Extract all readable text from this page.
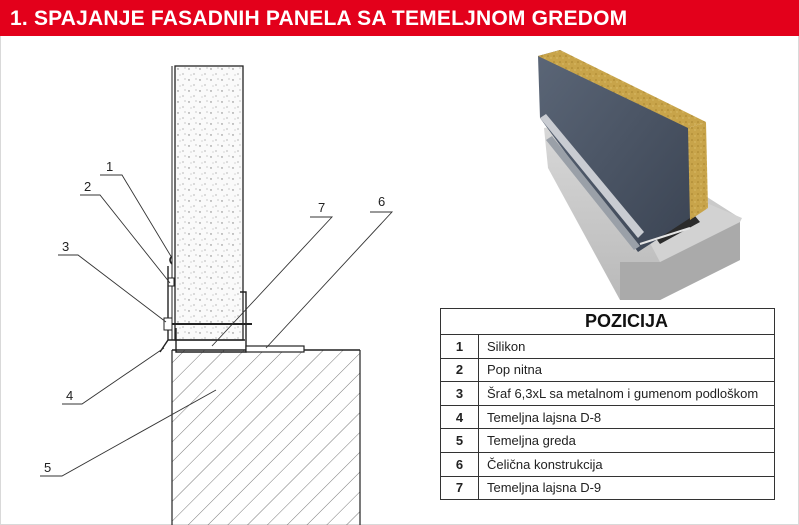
1. SPAJANJE FASADNIH PANELA SA TEMELJNOM GREDOM
1
2
3
4
5
6
7
POZICIJA	
1	Silikon
2	Pop nitna
3	Šraf 6,3xL sa metalnom i gumenom podloškom
4	Temeljna lajsna D-8
5	Temeljna greda
6	Čelična konstrukcija
7	Temeljna lajsna D-9
